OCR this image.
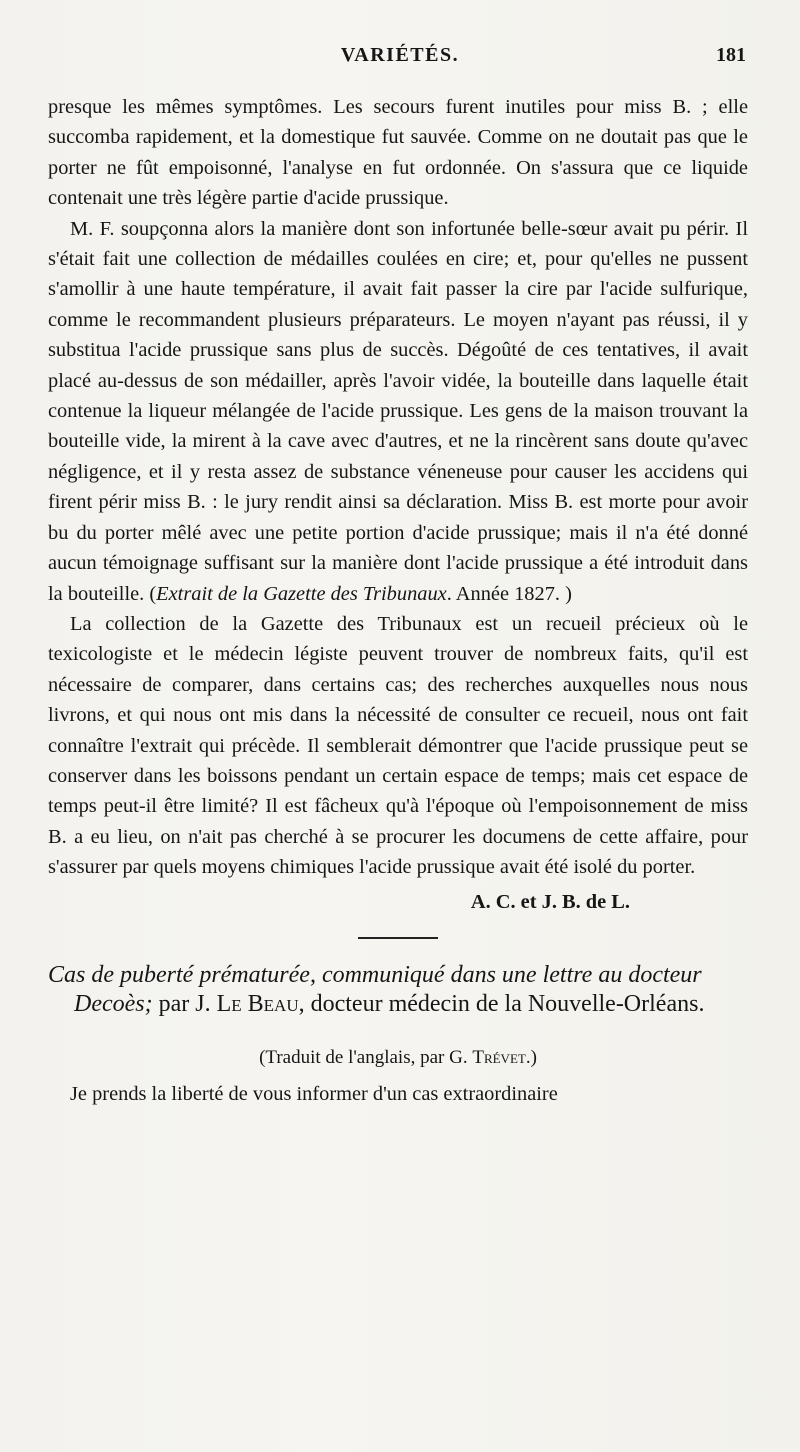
VARIÉTÉS.	181

presque les mêmes symptômes. Les secours furent inutiles pour miss B. ; elle succomba rapidement, et la domestique fut sauvée. Comme on ne doutait pas que le porter ne fût empoisonné, l'analyse en fut ordonnée. On s'assura que ce liquide contenait une très légère partie d'acide prussique.

M. F. soupçonna alors la manière dont son infortunée belle-sœur avait pu périr. Il s'était fait une collection de médailles coulées en cire; et, pour qu'elles ne pussent s'amollir à une haute température, il avait fait passer la cire par l'acide sulfurique, comme le recommandent plusieurs préparateurs. Le moyen n'ayant pas réussi, il y substitua l'acide prussique sans plus de succès. Dégoûté de ces tentatives, il avait placé au-dessus de son médailler, après l'avoir vidée, la bouteille dans laquelle était contenue la liqueur mélangée de l'acide prussique. Les gens de la maison trouvant la bouteille vide, la mirent à la cave avec d'autres, et ne la rincèrent sans doute qu'avec négligence, et il y resta assez de substance véneneuse pour causer les accidens qui firent périr miss B. : le jury rendit ainsi sa déclaration. Miss B. est morte pour avoir bu du porter mêlé avec une petite portion d'acide prussique; mais il n'a été donné aucun témoignage suffisant sur la manière dont l'acide prussique a été introduit dans la bouteille. (Extrait de la Gazette des Tribunaux. Année 1827. )

La collection de la Gazette des Tribunaux est un recueil précieux où le texicologiste et le médecin légiste peuvent trouver de nombreux faits, qu'il est nécessaire de comparer, dans certains cas; des recherches auxquelles nous nous livrons, et qui nous ont mis dans la nécessité de consulter ce recueil, nous ont fait connaître l'extrait qui précède. Il semblerait démontrer que l'acide prussique peut se conserver dans les boissons pendant un certain espace de temps; mais cet espace de temps peut-il être limité? Il est fâcheux qu'à l'époque où l'empoisonnement de miss B. a eu lieu, on n'ait pas cherché à se procurer les documens de cette affaire, pour s'assurer par quels moyens chimiques l'acide prussique avait été isolé du porter.

A. C. et J. B. de L.

Cas de puberté prématurée, communiqué dans une lettre au docteur Decoès; par J. Le Beau, docteur médecin de la Nouvelle-Orléans.

(Traduit de l'anglais, par G. Trévet.)

Je prends la liberté de vous informer d'un cas extraordinaire
